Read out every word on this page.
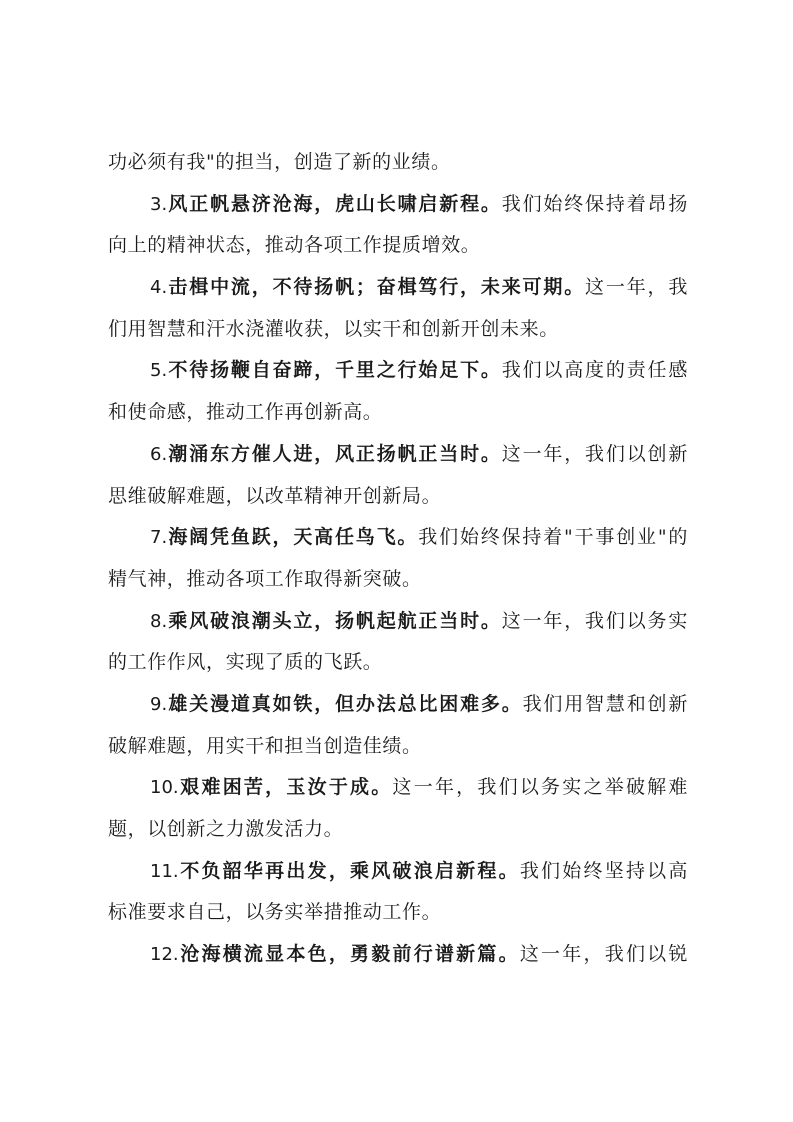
功必须有我"的担当，创造了新的业绩。
3.风正帆悬济沧海，虎山长啸启新程。我们始终保持着昂扬
向上的精神状态，推动各项工作提质增效。
4.击楫中流，不待扬帆；奋楫笃行，未来可期。这一年，我
们用智慧和汗水浇灌收获，以实干和创新开创未来。
5.不待扬鞭自奋蹄，千里之行始足下。我们以高度的责任感
和使命感，推动工作再创新高。
6.潮涌东方催人进，风正扬帆正当时。这一年，我们以创新
思维破解难题，以改革精神开创新局。
7.海阔凭鱼跃，天高任鸟飞。我们始终保持着"干事创业"的
精气神，推动各项工作取得新突破。
8.乘风破浪潮头立，扬帆起航正当时。这一年，我们以务实
的工作作风，实现了质的飞跃。
9.雄关漫道真如铁，但办法总比困难多。我们用智慧和创新
破解难题，用实干和担当创造佳绩。
10.艰难困苦，玉汝于成。这一年，我们以务实之举破解难
题，以创新之力激发活力。
11.不负韶华再出发，乘风破浪启新程。我们始终坚持以高
标准要求自己，以务实举措推动工作。
12.沧海横流显本色，勇毅前行谱新篇。这一年，我们以锐
